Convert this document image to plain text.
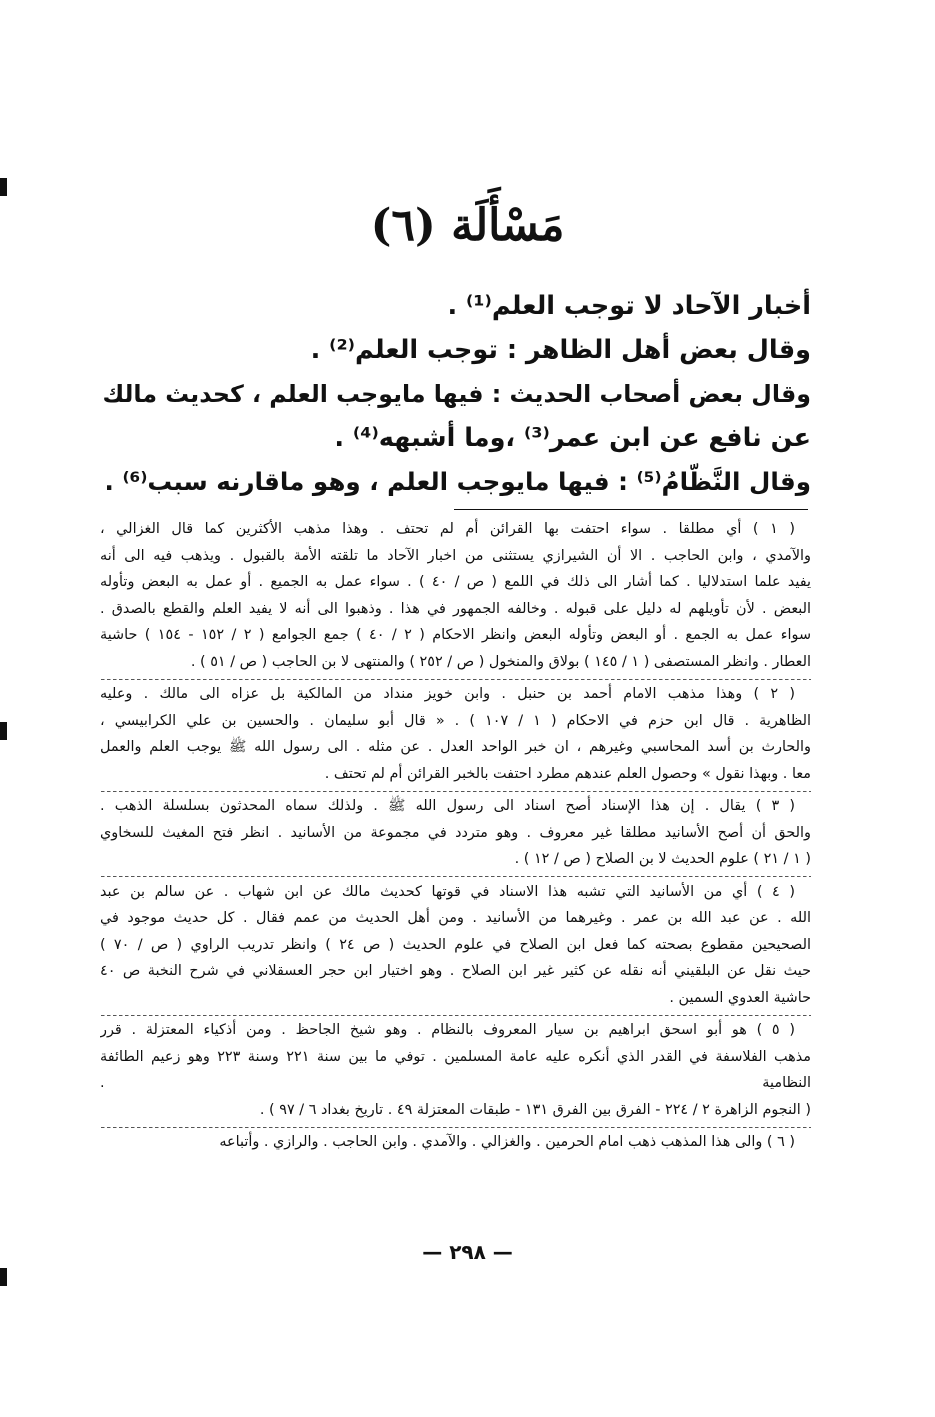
مَسْأَلَة (٦)
أخبار الآحاد لا توجب العلم⁽¹⁾ .
وقال بعض أهل الظاهر : توجب العلم⁽²⁾ .
وقال بعض أصحاب الحديث : فيها مايوجب العلم ، كحديث مالك
عن نافع عن ابن عمر⁽³⁾ ،وما أشبهه⁽⁴⁾ .
وقال النَّظّامُ⁽⁵⁾ : فيها مايوجب العلم ، وهو ماقارنه سبب⁽⁶⁾ .
( ١ ) أي مطلقا . سواء احتفت بها القرائن أم لم تحتف . وهذا مذهب الأكثرين كما قال الغزالي ،
والآمدي ، وابن الحاجب . الا أن الشيرازي يستثنى من اخبار الآحاد ما تلقته الأمة بالقبول . ويذهب فيه الى أنه
يفيد علما استدلاليا . كما أشار الى ذلك في اللمع ( ص / ٤٠ ) . سواء عمل به الجميع . أو عمل به البعض وتأوله
البعض . لأن تأويلهم له دليل على قبوله . وخالفه الجمهور في هذا . وذهبوا الى أنه لا يفيد العلم والقطع بالصدق .
سواء عمل به الجمع . أو البعض وتأوله البعض وانظر الاحكام ( ٢ / ٤٠ ) جمع الجوامع ( ٢ / ١٥٢ - ١٥٤ ) حاشية
العطار . وانظر المستصفى ( ١ / ١٤٥ ) بولاق والمنخول ( ص / ٢٥٢ ) والمنتهى لا بن الحاجب ( ص / ٥١ ) .
( ٢ ) وهذا مذهب الامام أحمد بن حنبل . وابن خويز منداد من المالكية بل عزاه الى مالك . وعليه
الظاهرية . قال ابن حزم في الاحكام ( ١ / ١٠٧ ) . « قال أبو سليمان . والحسين بن علي الكرابيسي ،
والحارث بن أسد المحاسبي وغيرهم ، ان خبر الواحد العدل . عن مثله . الى رسول الله ﷺ يوجب العلم والعمل
معا . وبهذا نقول » وحصول العلم عندهم مطرد احتفت بالخبر القرائن أم لم تحتف .
( ٣ ) يقال . إن هذا الإسناد أصح اسناد الى رسول الله ﷺ . ولذلك سماه المحدثون بسلسلة الذهب .
والحق أن أصح الأسانيد مطلقا غير معروف . وهو متردد في مجموعة من الأسانيد . انظر فتح المغيث للسخاوي
( ١ / ٢١ ) علوم الحديث لا بن الصلاح ( ص / ١٢ ) .
( ٤ ) أي من الأسانيد التي تشبه هذا الاسناد في قوتها كحديث مالك عن ابن شهاب . عن سالم بن عبد
الله . عن عبد الله بن عمر . وغيرهما من الأسانيد . ومن أهل الحديث من عمم فقال . كل حديث موجود في
الصحيحين مقطوع بصحته كما فعل ابن الصلاح في علوم الحديث ( ص ٢٤ ) وانظر تدريب الراوي ( ص / ٧٠ )
حيث نقل عن البلقيني أنه نقله عن كثير غير ابن الصلاح . وهو اختيار ابن حجر العسقلاني في شرح النخبة ص ٤٠
حاشية العدوي السمين .
( ٥ ) هو أبو اسحق ابراهيم بن سيار المعروف بالنظام . وهو شيخ الجاحظ . ومن أذكياء المعتزلة . قرر
مذهب الفلاسفة في القدر الذي أنكره عليه عامة المسلمين . توفي ما بين سنة ٢٢١ وسنة ٢٢٣ وهو زعيم الطائفة
النظامية .
( النجوم الزاهرة ٢ / ٢٢٤ - الفرق بين الفرق ١٣١ - طبقات المعتزلة ٤٩ . تاريخ بغداد ٦ / ٩٧ ) .
( ٦ ) والى هذا المذهب ذهب امام الحرمين . والغزالي . والآمدي . وابن الحاجب . والرازي . وأتباعه
— ٢٩٨ —
